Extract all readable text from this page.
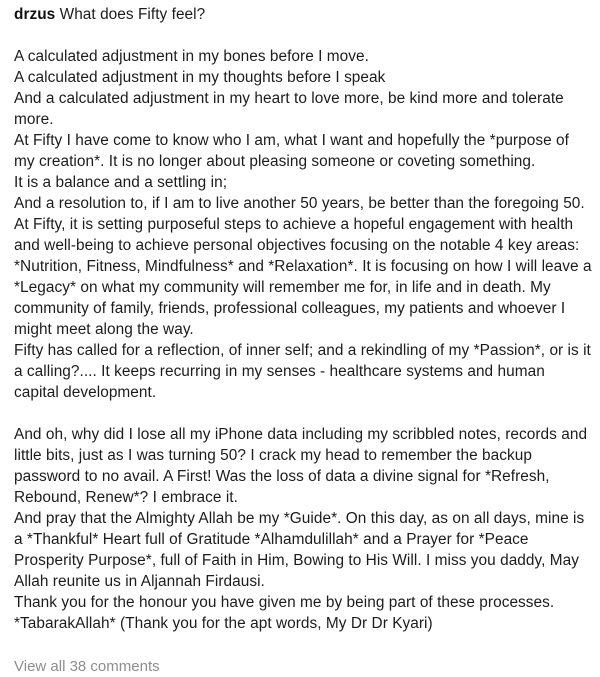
drzus What does Fifty feel?

A calculated adjustment in my bones before I move.

A calculated adjustment in my thoughts before I speak

And a calculated adjustment in my heart to love more, be kind more and tolerate more.

At Fifty I have come to know who I am, what I want and hopefully the *purpose of my creation*. It is no longer about pleasing someone or coveting something.

It is a balance and a settling in;

And a resolution to, if I am to live another 50 years, be better than the foregoing 50.

At Fifty, it is setting purposeful steps to achieve a hopeful engagement with health and well-being to achieve personal objectives focusing on the notable 4 key areas: *Nutrition, Fitness, Mindfulness* and *Relaxation*. It is focusing on how I will leave a *Legacy* on what my community will remember me for, in life and in death. My community of family, friends, professional colleagues, my patients and whoever I might meet along the way.

Fifty has called for a reflection, of inner self; and a rekindling of my *Passion*, or is it a calling?.... It keeps recurring in my senses - healthcare systems and human capital development.

And oh, why did I lose all my iPhone data including my scribbled notes, records and little bits, just as I was turning 50? I crack my head to remember the backup password to no avail. A First! Was the loss of data a divine signal for *Refresh, Rebound, Renew*? I embrace it.

And pray that the Almighty Allah be my *Guide*. On this day, as on all days, mine is a *Thankful* Heart full of Gratitude *Alhamdulillah* and a Prayer for *Peace Prosperity Purpose*, full of Faith in Him, Bowing to His Will. I miss you daddy, May Allah reunite us in Aljannah Firdausi.

Thank you for the honour you have given me by being part of these processes.

*TabarakAllah* (Thank you for the apt words, My Dr Dr Kyari)

View all 38 comments
